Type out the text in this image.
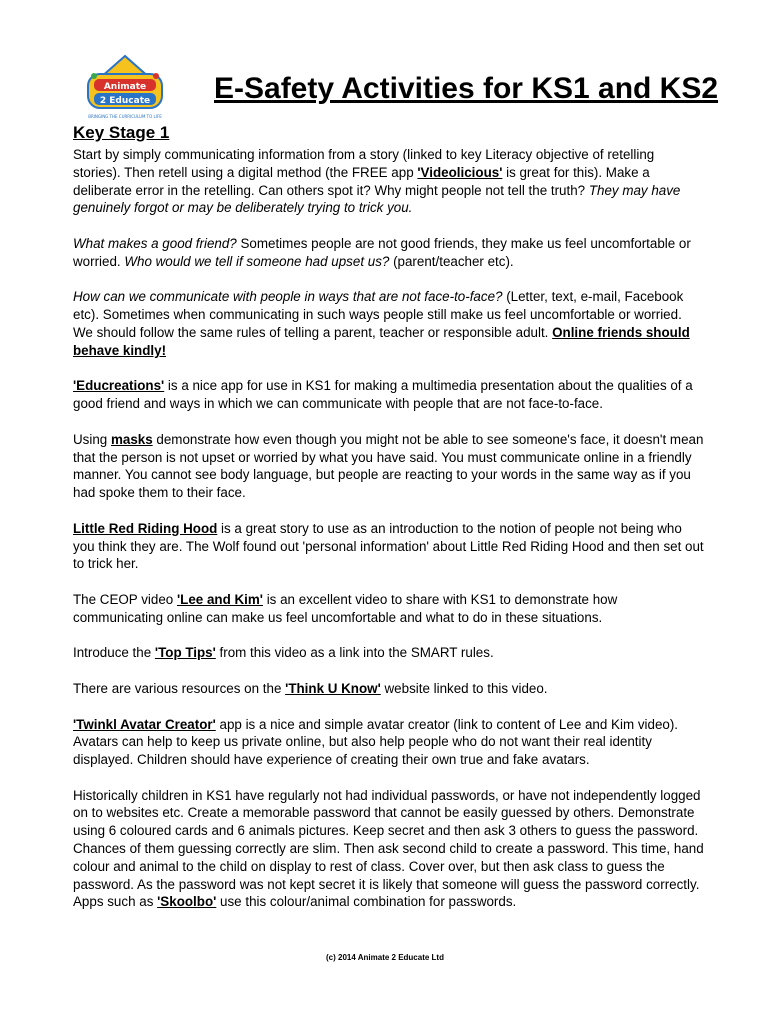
Animate
2 Educate
BRINGING THE CURRICULUM TO LIFE
E-Safety Activities for KS1 and KS2
Key Stage 1

Start by simply communicating information from a story (linked to key Literacy objective of retelling stories). Then retell using a digital method (the FREE app 'Videolicious' is great for this). Make a deliberate error in the retelling. Can others spot it? Why might people not tell the truth? They may have genuinely forgot or may be deliberately trying to trick you.

What makes a good friend? Sometimes people are not good friends, they make us feel uncomfortable or worried. Who would we tell if someone had upset us? (parent/teacher etc).

How can we communicate with people in ways that are not face-to-face? (Letter, text, e-mail, Facebook etc). Sometimes when communicating in such ways people still make us feel uncomfortable or worried. We should follow the same rules of telling a parent, teacher or responsible adult. Online friends should behave kindly!

'Educreations' is a nice app for use in KS1 for making a multimedia presentation about the qualities of a good friend and ways in which we can communicate with people that are not face-to-face.

Using masks demonstrate how even though you might not be able to see someone's face, it doesn't mean that the person is not upset or worried by what you have said. You must communicate online in a friendly manner. You cannot see body language, but people are reacting to your words in the same way as if you had spoke them to their face.

Little Red Riding Hood is a great story to use as an introduction to the notion of people not being who you think they are. The Wolf found out 'personal information' about Little Red Riding Hood and then set out to trick her.

The CEOP video 'Lee and Kim' is an excellent video to share with KS1 to demonstrate how communicating online can make us feel uncomfortable and what to do in these situations.

Introduce the 'Top Tips' from this video as a link into the SMART rules.

There are various resources on the 'Think U Know' website linked to this video.

'Twinkl Avatar Creator' app is a nice and simple avatar creator (link to content of Lee and Kim video). Avatars can help to keep us private online, but also help people who do not want their real identity displayed. Children should have experience of creating their own true and fake avatars.

Historically children in KS1 have regularly not had individual passwords, or have not independently logged on to websites etc. Create a memorable password that cannot be easily guessed by others. Demonstrate using 6 coloured cards and 6 animals pictures. Keep secret and then ask 3 others to guess the password. Chances of them guessing correctly are slim. Then ask second child to create a password. This time, hand colour and animal to the child on display to rest of class. Cover over, but then ask class to guess the password. As the password was not kept secret it is likely that someone will guess the password correctly. Apps such as 'Skoolbo' use this colour/animal combination for passwords.

(c) 2014 Animate 2 Educate Ltd
